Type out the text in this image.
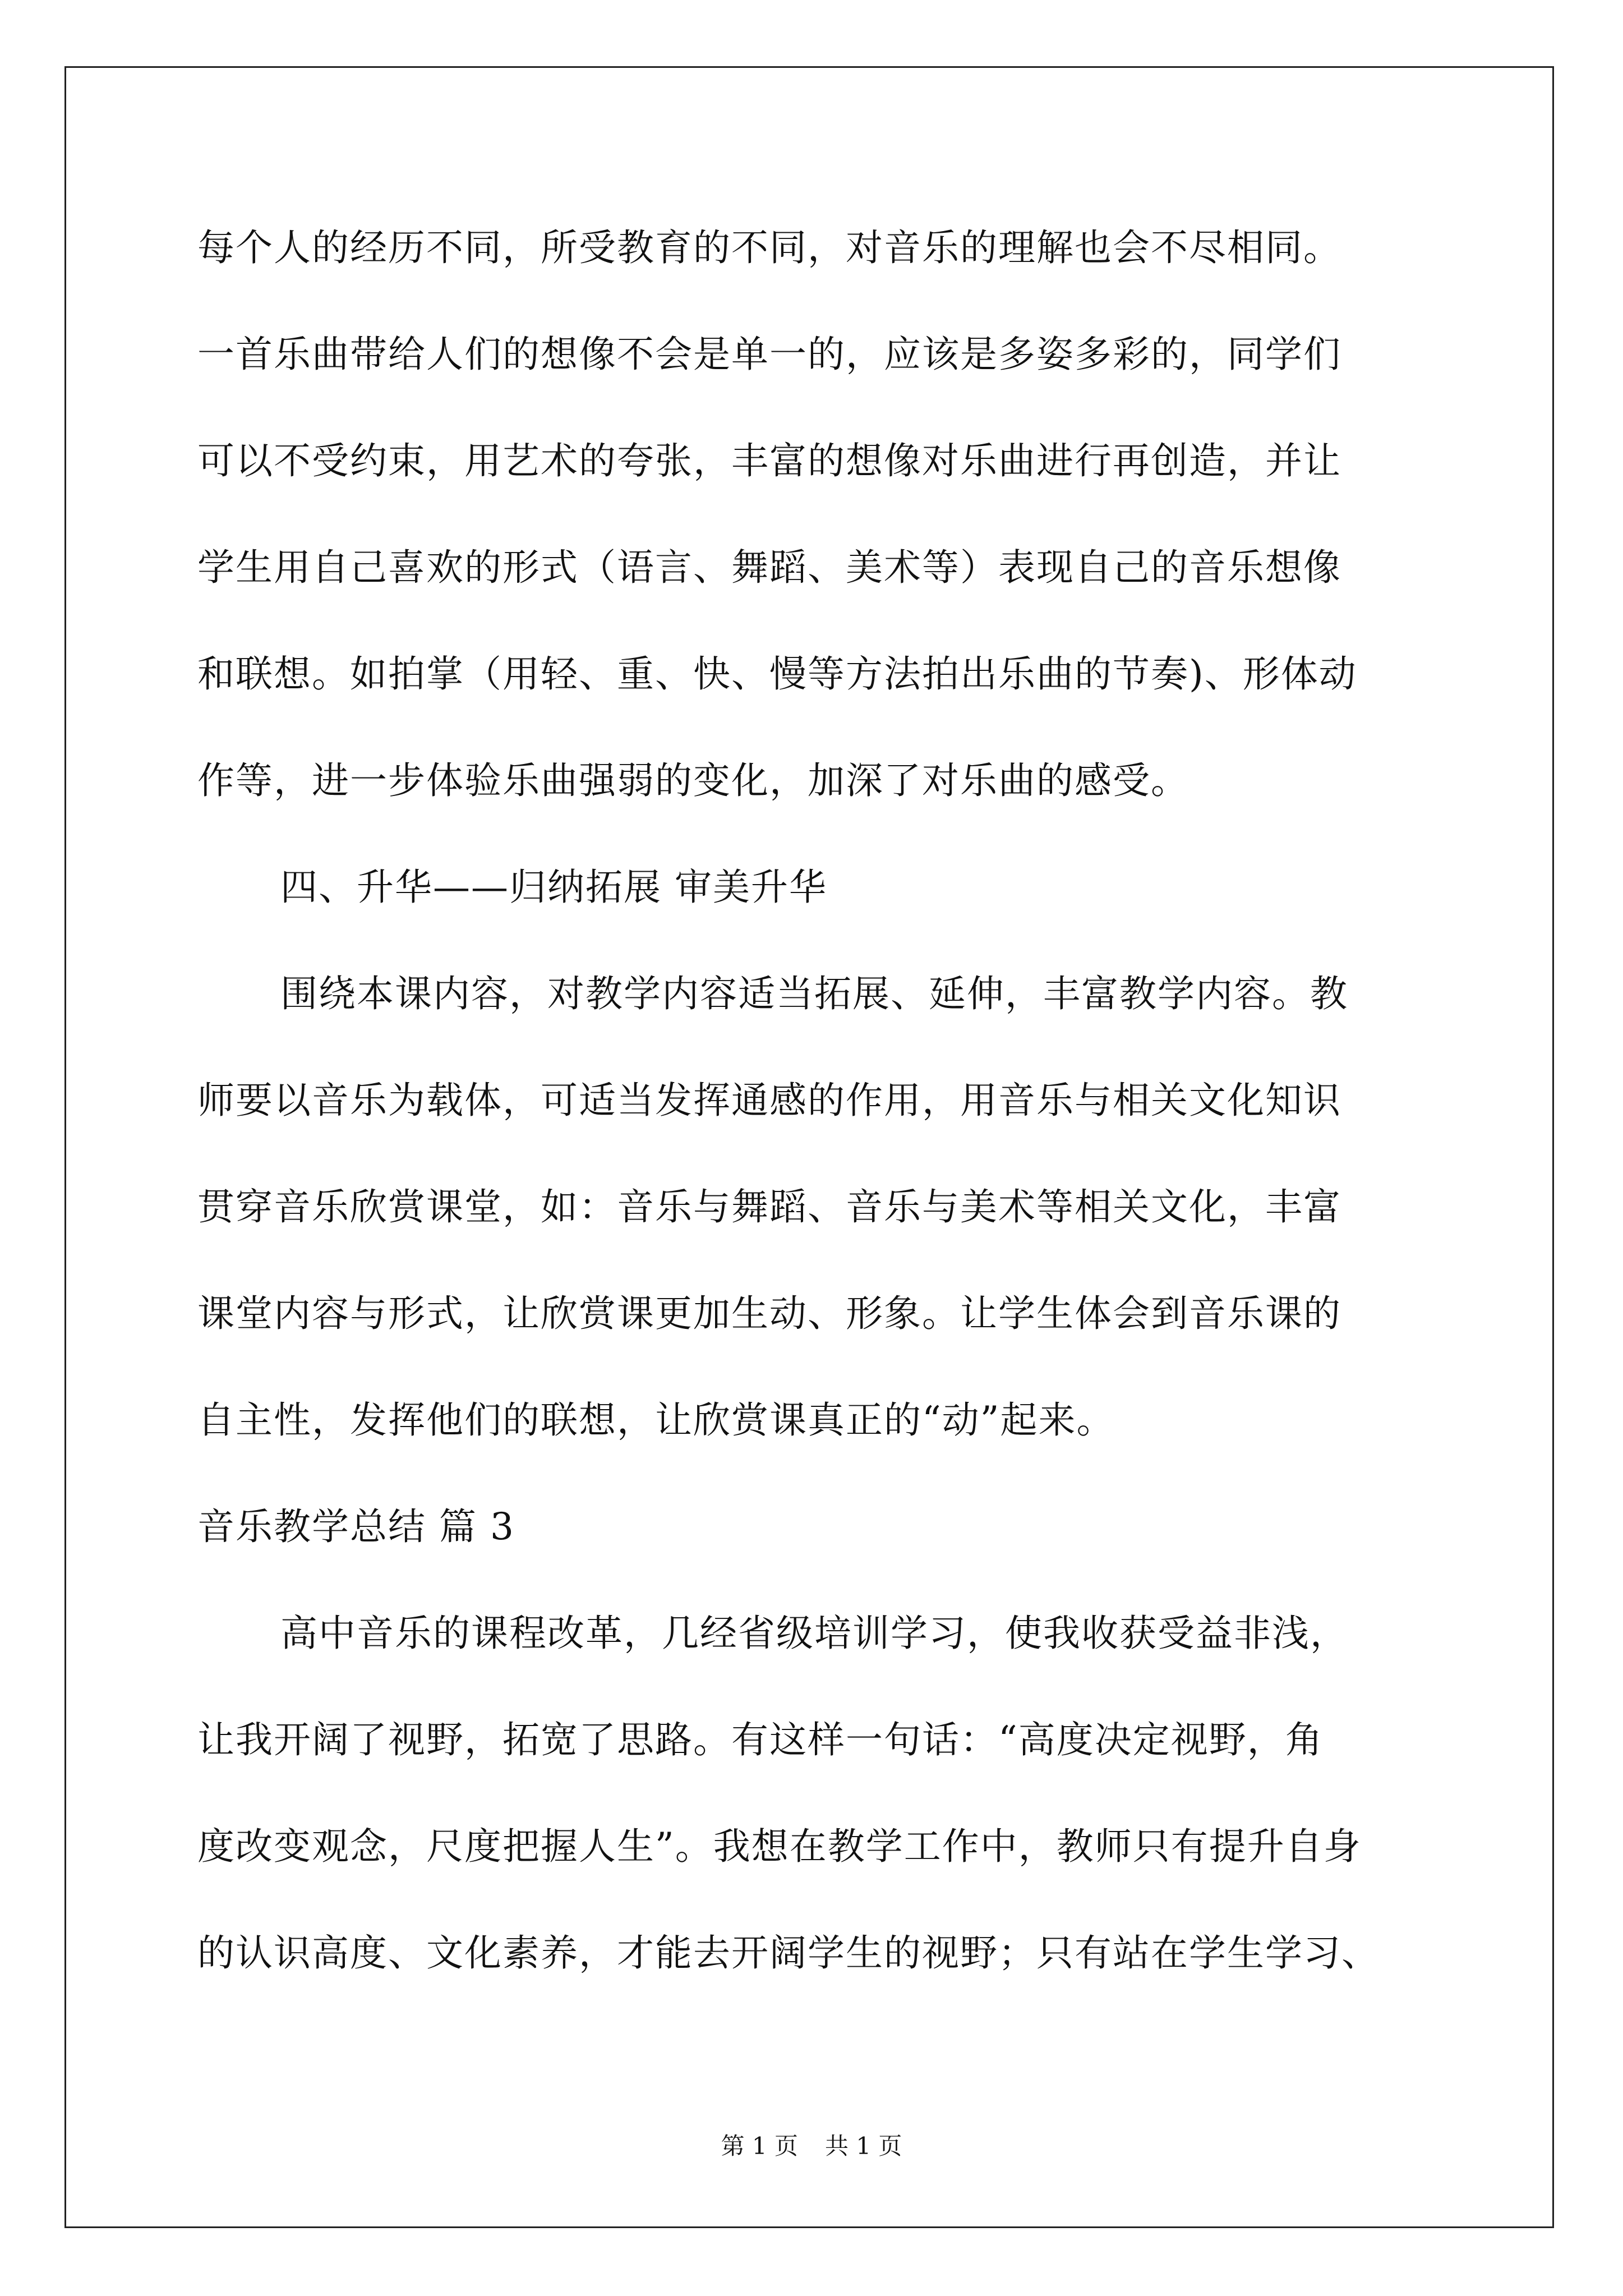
每个人的经历不同，所受教育的不同，对音乐的理解也会不尽相同。
一首乐曲带给人们的想像不会是单一的，应该是多姿多彩的，同学们
可以不受约束，用艺术的夸张，丰富的想像对乐曲进行再创造，并让
学生用自己喜欢的形式（语言、舞蹈、美术等）表现自己的音乐想像
和联想。如拍掌（用轻、重、快、慢等方法拍出乐曲的节奏)、形体动
作等，进一步体验乐曲强弱的变化，加深了对乐曲的感受。
四、升华——归纳拓展 审美升华
围绕本课内容，对教学内容适当拓展、延伸，丰富教学内容。教
师要以音乐为载体，可适当发挥通感的作用，用音乐与相关文化知识
贯穿音乐欣赏课堂，如：音乐与舞蹈、音乐与美术等相关文化，丰富
课堂内容与形式，让欣赏课更加生动、形象。让学生体会到音乐课的
自主性，发挥他们的联想，让欣赏课真正的“动”起来。
音乐教学总结 篇 3
高中音乐的课程改革，几经省级培训学习，使我收获受益非浅，
让我开阔了视野，拓宽了思路。有这样一句话：“高度决定视野，角
度改变观念，尺度把握人生”。我想在教学工作中，教师只有提升自身
的认识高度、文化素养，才能去开阔学生的视野；只有站在学生学习、
第 1 页 共 1 页
